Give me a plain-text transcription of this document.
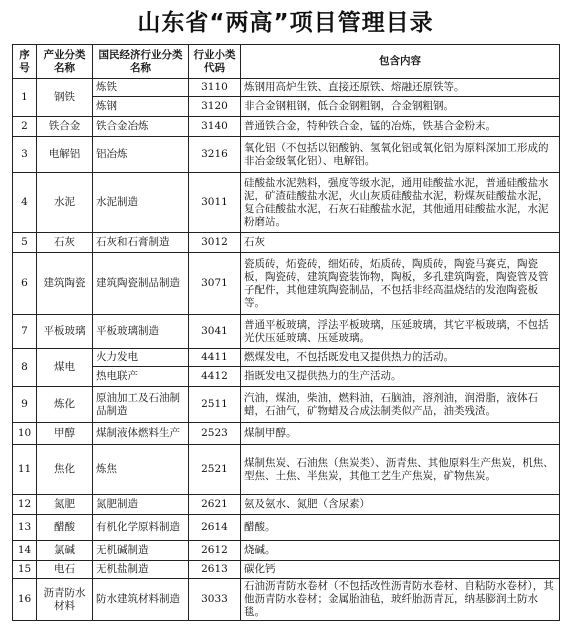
山东省“两高”项目管理目录
序号	产业分类名称	国民经济行业分类名称	行业小类代码	包含内容
1	钢铁	炼铁	3110	炼钢用高炉生铁、直接还原铁、熔融还原铁等。
		炼钢	3120	非合金钢粗钢，低合金钢粗钢，合金钢粗钢。
2	铁合金	铁合金冶炼	3140	普通铁合金，特种铁合金，锰的冶炼，铁基合金粉末。
3	电解铝	铝冶炼	3216	氧化铝（不包括以铝酸钠、氢氧化铝或氧化铝为原料深加工形成的非冶金级氧化铝）、电解铝。
4	水泥	水泥制造	3011	硅酸盐水泥熟料，强度等级水泥，通用硅酸盐水泥，普通硅酸盐水泥，矿渣硅酸盐水泥，火山灰质硅酸盐水泥，粉煤灰硅酸盐水泥，复合硅酸盐水泥，石灰石硅酸盐水泥，其他通用硅酸盐水泥，水泥粉磨站。
5	石灰	石灰和石膏制造	3012	石灰
6	建筑陶瓷	建筑陶瓷制品制造	3071	瓷质砖，炻瓷砖，细炻砖，炻质砖，陶质砖，陶瓷马赛克，陶瓷板，陶瓷砖，建筑陶瓷装饰物，陶板，多孔建筑陶瓷，陶瓷管及管子配件，其他建筑陶瓷制品，不包括非经高温烧结的发泡陶瓷板等。
7	平板玻璃	平板玻璃制造	3041	普通平板玻璃，浮法平板玻璃，压延玻璃，其它平板玻璃，不包括光伏压延玻璃、压延玻璃。
8	煤电	火力发电	4411	燃煤发电，不包括既发电又提供热力的活动。
		热电联产	4412	指既发电又提供热力的生产活动。
9	炼化	原油加工及石油制品制造	2511	汽油，煤油，柴油，燃料油，石脑油，溶剂油，润滑脂，液体石蜡，石油气，矿物蜡及合成法制类似产品，油类残渣。
10	甲醇	煤制液体燃料生产	2523	煤制甲醇。
11	焦化	炼焦	2521	煤制焦炭、石油焦（焦炭类）、沥青焦、其他原料生产焦炭，机焦、型焦、土焦、半焦炭，其他工艺生产焦炭，矿物焦炭。
12	氮肥	氮肥制造	2621	氨及氨水、氮肥（含尿素）
13	醋酸	有机化学原料制造	2614	醋酸。
14	氯碱	无机碱制造	2612	烧碱。
15	电石	无机盐制造	2613	碳化钙
16	沥青防水材料	防水建筑材料制造	3033	石油沥青防水卷材（不包括改性沥青防水卷材、自粘防水卷材），其他沥青防水卷材；金属胎油毡，玻纤胎沥青瓦，纳基膨润土防水毯。
